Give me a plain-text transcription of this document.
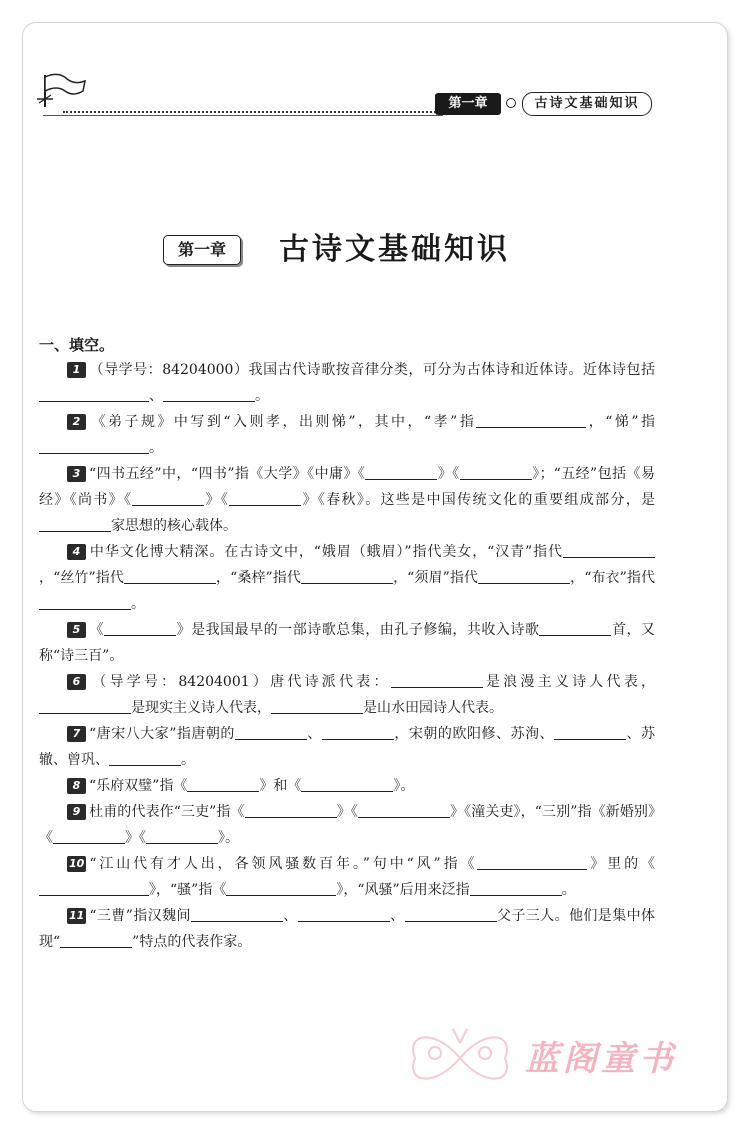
第一章	古诗文基础知识
第一章	古诗文基础知识
一、填空。

1 （导学号：84204000）我国古代诗歌按音律分类，可分为古体诗和近体诗。近体诗包括、	。

2 《弟子规》中写到“入则孝，出则悌”，其中，“孝”指	，“悌”指。

3 “四书五经”中，“四书”指《大学》《中庸》《	》《	》；“五经”包括《易经》《尚书》《	》《	》《春秋》。这些是中国传统文化的重要组成部分，是家思想的核心载体。

4 中华文化博大精深。在古诗文中，“娥眉（蛾眉）”指代美女，“汉青”指代，“丝竹”指代	，“桑梓”指代	，“须眉”指代	，“布衣”指代。

5 《	》是我国最早的一部诗歌总集，由孔子修编，共收入诗歌	首，又称“诗三百”。

6 （导学号：84204001）唐代诗派代表：	是浪漫主义诗人代表，是现实主义诗人代表，	是山水田园诗人代表。

7 “唐宋八大家”指唐朝的	、	，宋朝的欧阳修、苏洵、	、苏辙、曾巩、	。

8 “乐府双璧”指《	》和《	》。

9 杜甫的代表作“三吏”指《	》《	》《潼关吏》，“三别”指《新婚别》《	》《	》。

10 “江山代有才人出，各领风骚数百年。”句中“风”指《	》里的《》，“骚”指《	》，“风骚”后用来泛指	。

11 “三曹”指汉魏间	、	、	父子三人。他们是集中体现“	”特点的代表作家。

蓝阁童书
